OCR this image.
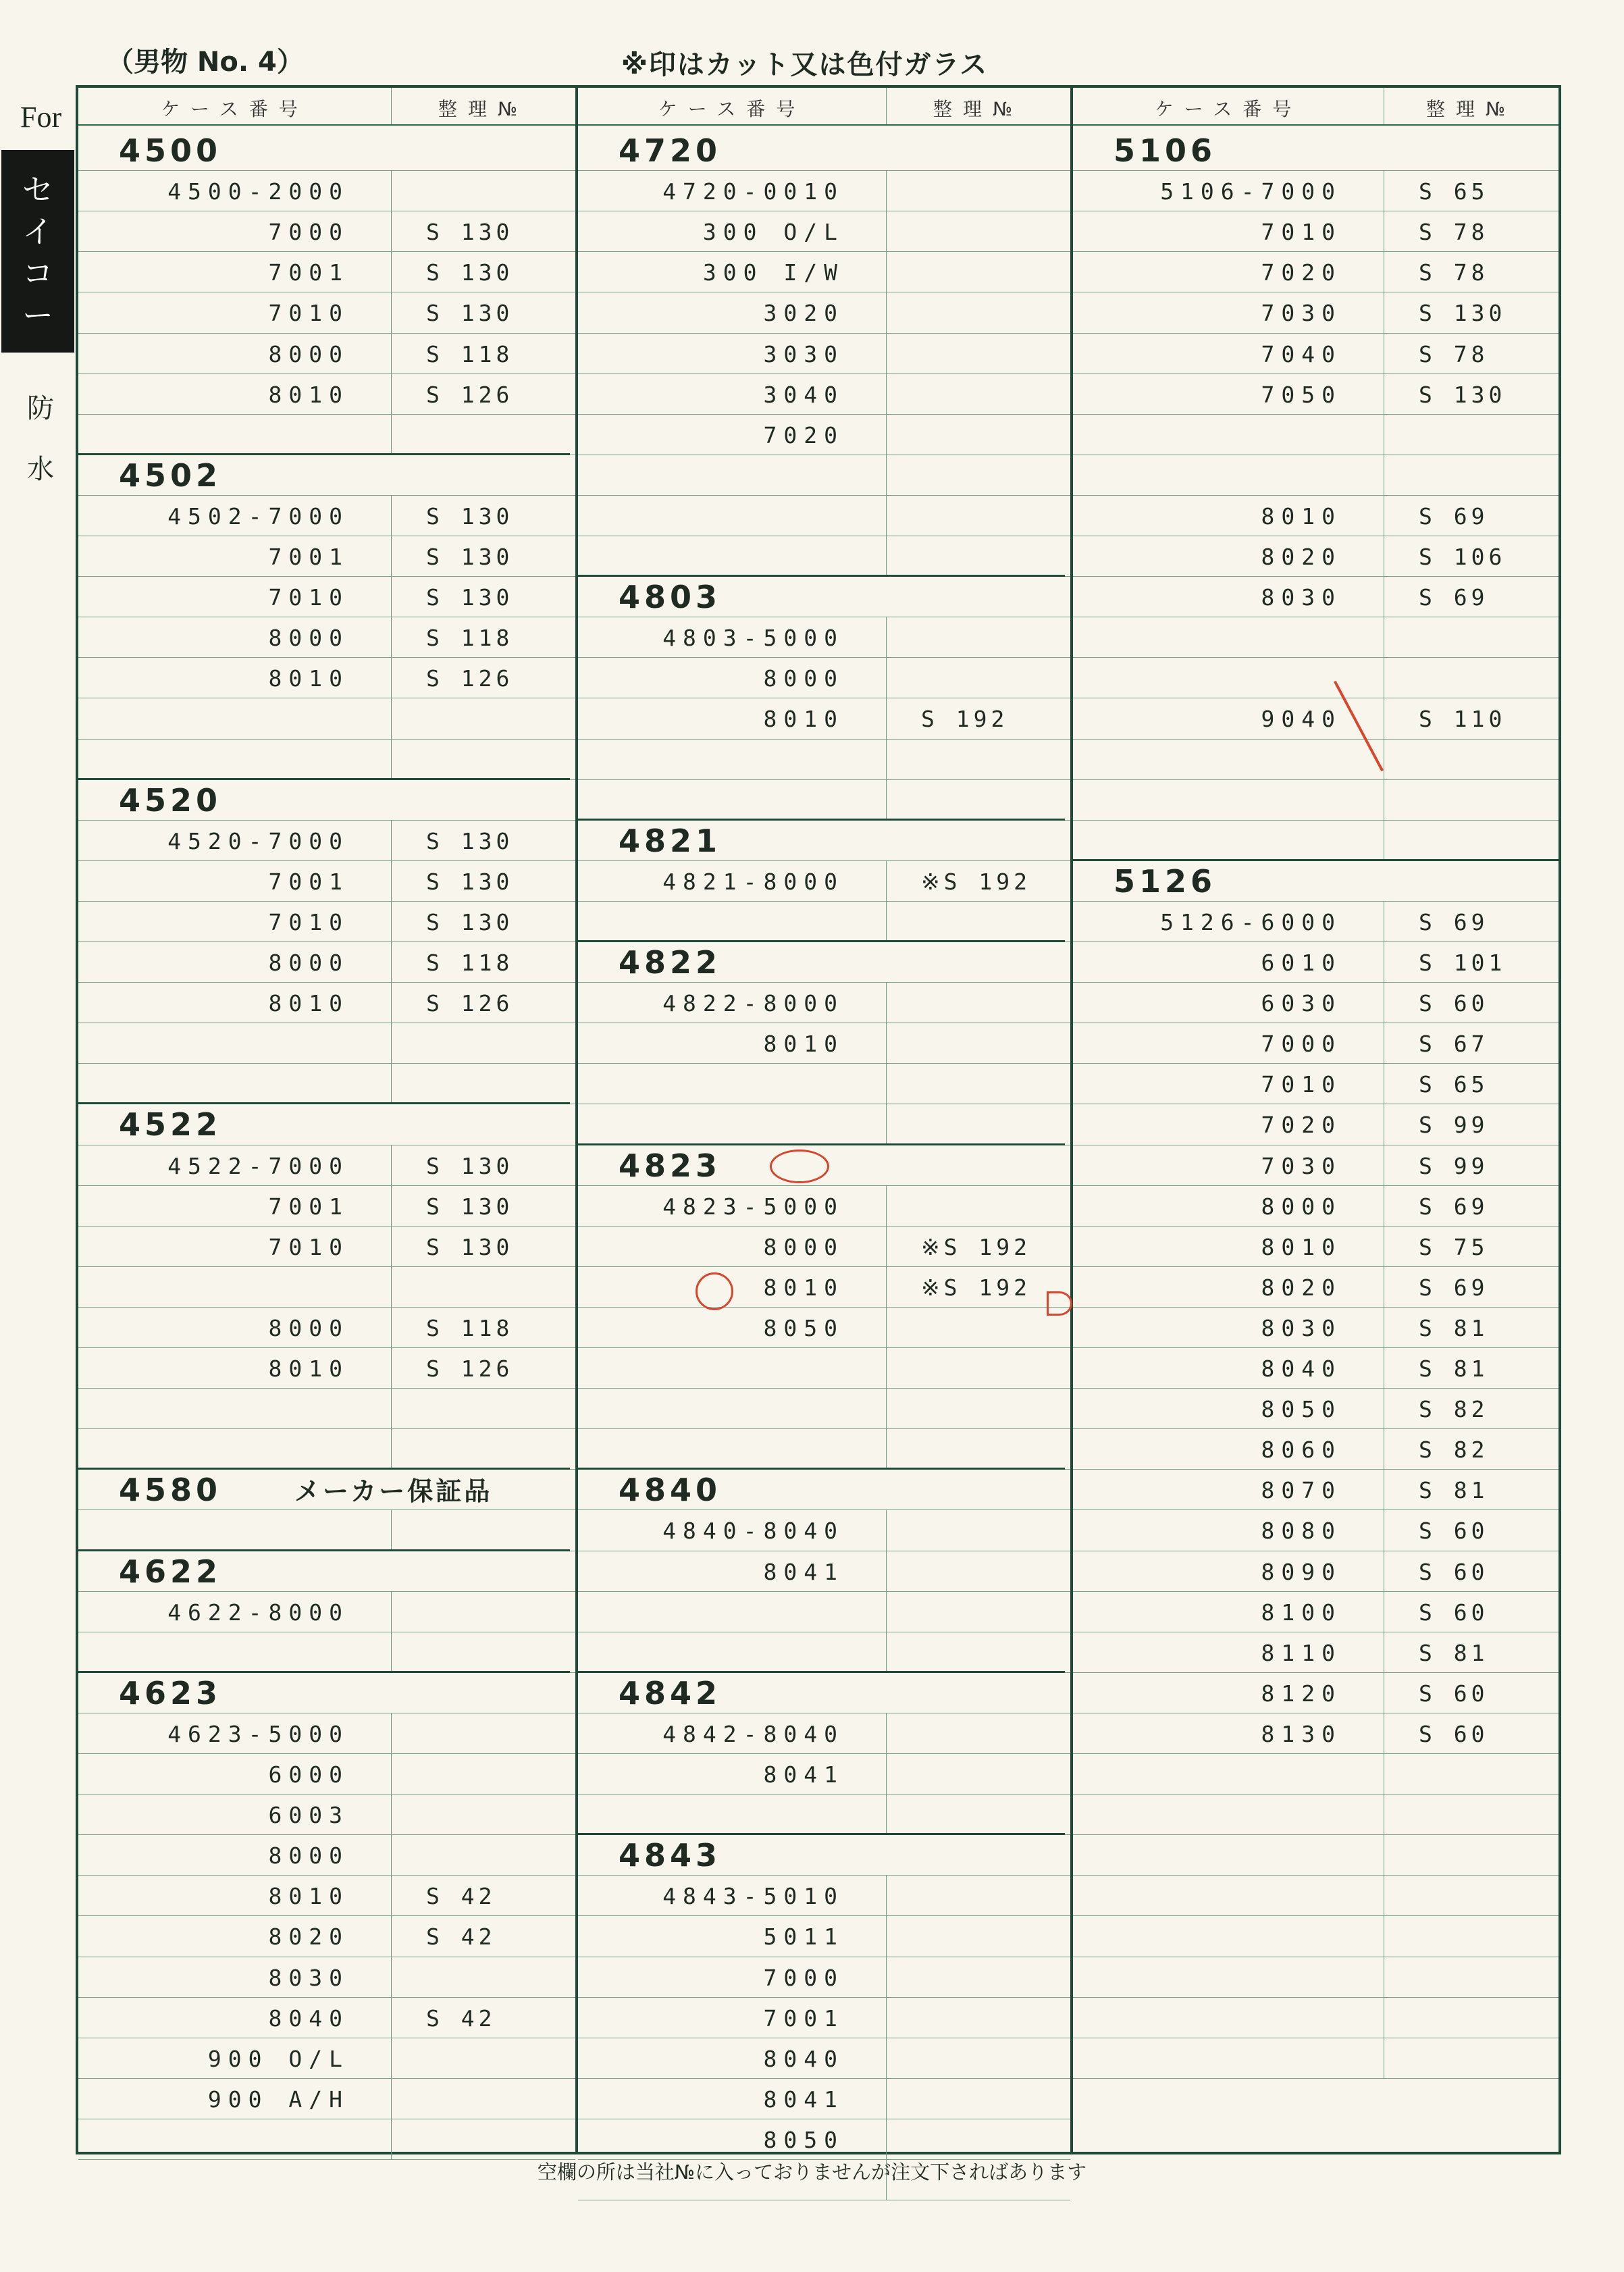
（男物 No. 4）	※印はカット又は色付ガラス
For
セ
イ
コ
ー
防
水
ケース番号	整理№
4500
4500-2000
7000	S 130
7001	S 130
7010	S 130
8000	S 118
8010	S 126
4502
4502-7000	S 130
7001	S 130
7010	S 130
8000	S 118
8010	S 126
4520
4520-7000	S 130
7001	S 130
7010	S 130
8000	S 118
8010	S 126
4522
4522-7000	S 130
7001	S 130
7010	S 130
8000	S 118
8010	S 126
4580	メーカー保証品
4622
4622-8000
4623
4623-5000
6000
6003
8000
8010	S 42
8020	S 42
8030
8040	S 42
900 O/L
900 A/H
ケース番号	整理№
4720
4720-0010
300 O/L
300 I/W
3020
3030
3040
7020
4803
4803-5000
8000
8010	S 192
4821
4821-8000	※S 192
4822
4822-8000
8010
4823
4823-5000
8000	※S 192
8010	※S 192
8050
4840
4840-8040
8041
4842
4842-8040
8041
4843
4843-5010
5011
7000
7001
8040
8041
8050
ケース番号	整理№
5106
5106-7000	S 65
7010	S 78
7020	S 78
7030	S 130
7040	S 78
7050	S 130
8010	S 69
8020	S 106
8030	S 69
9040	S 110
5126
5126-6000	S 69
6010	S 101
6030	S 60
7000	S 67
7010	S 65
7020	S 99
7030	S 99
8000	S 69
8010	S 75
8020	S 69
8030	S 81
8040	S 81
8050	S 82
8060	S 82
8070	S 81
8080	S 60
8090	S 60
8100	S 60
8110	S 81
8120	S 60
8130	S 60
空欄の所は当社№に入っておりませんが注文下さればあります
